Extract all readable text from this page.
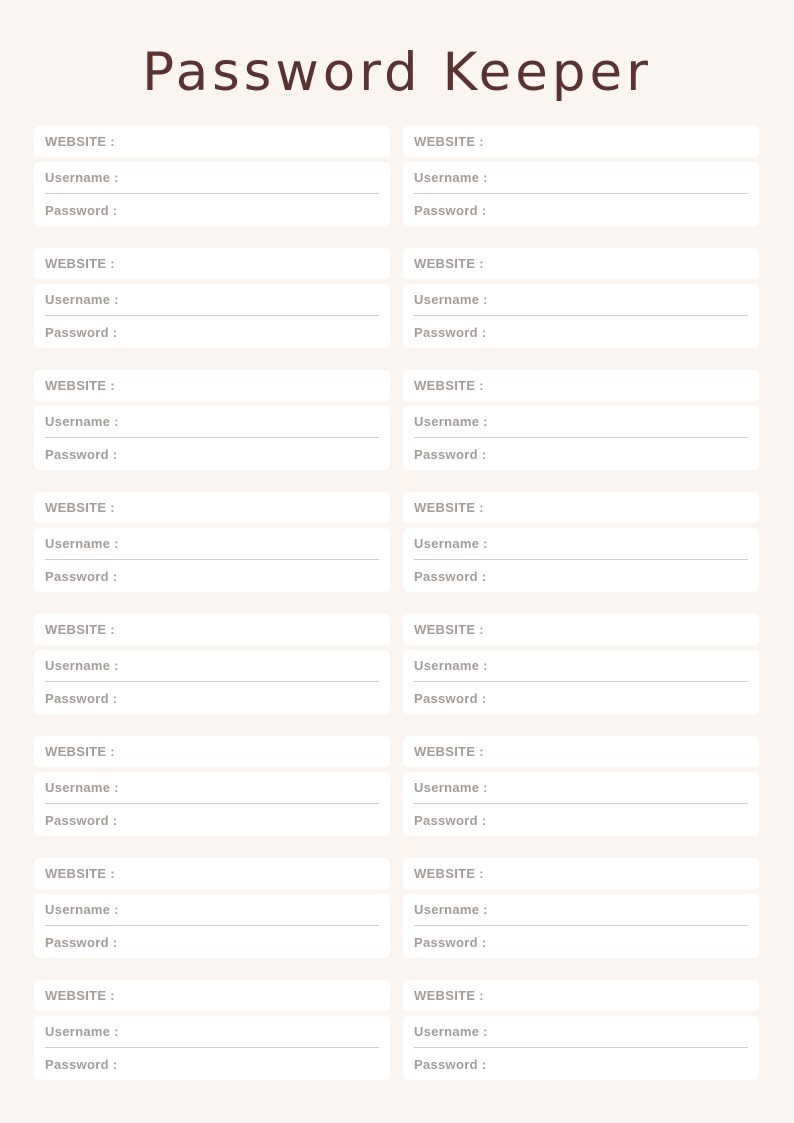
Password Keeper
WEBSITE :
Username :
Password :
WEBSITE :
Username :
Password :
WEBSITE :
Username :
Password :
WEBSITE :
Username :
Password :
WEBSITE :
Username :
Password :
WEBSITE :
Username :
Password :
WEBSITE :
Username :
Password :
WEBSITE :
Username :
Password :
WEBSITE :
Username :
Password :
WEBSITE :
Username :
Password :
WEBSITE :
Username :
Password :
WEBSITE :
Username :
Password :
WEBSITE :
Username :
Password :
WEBSITE :
Username :
Password :
WEBSITE :
Username :
Password :
WEBSITE :
Username :
Password :
